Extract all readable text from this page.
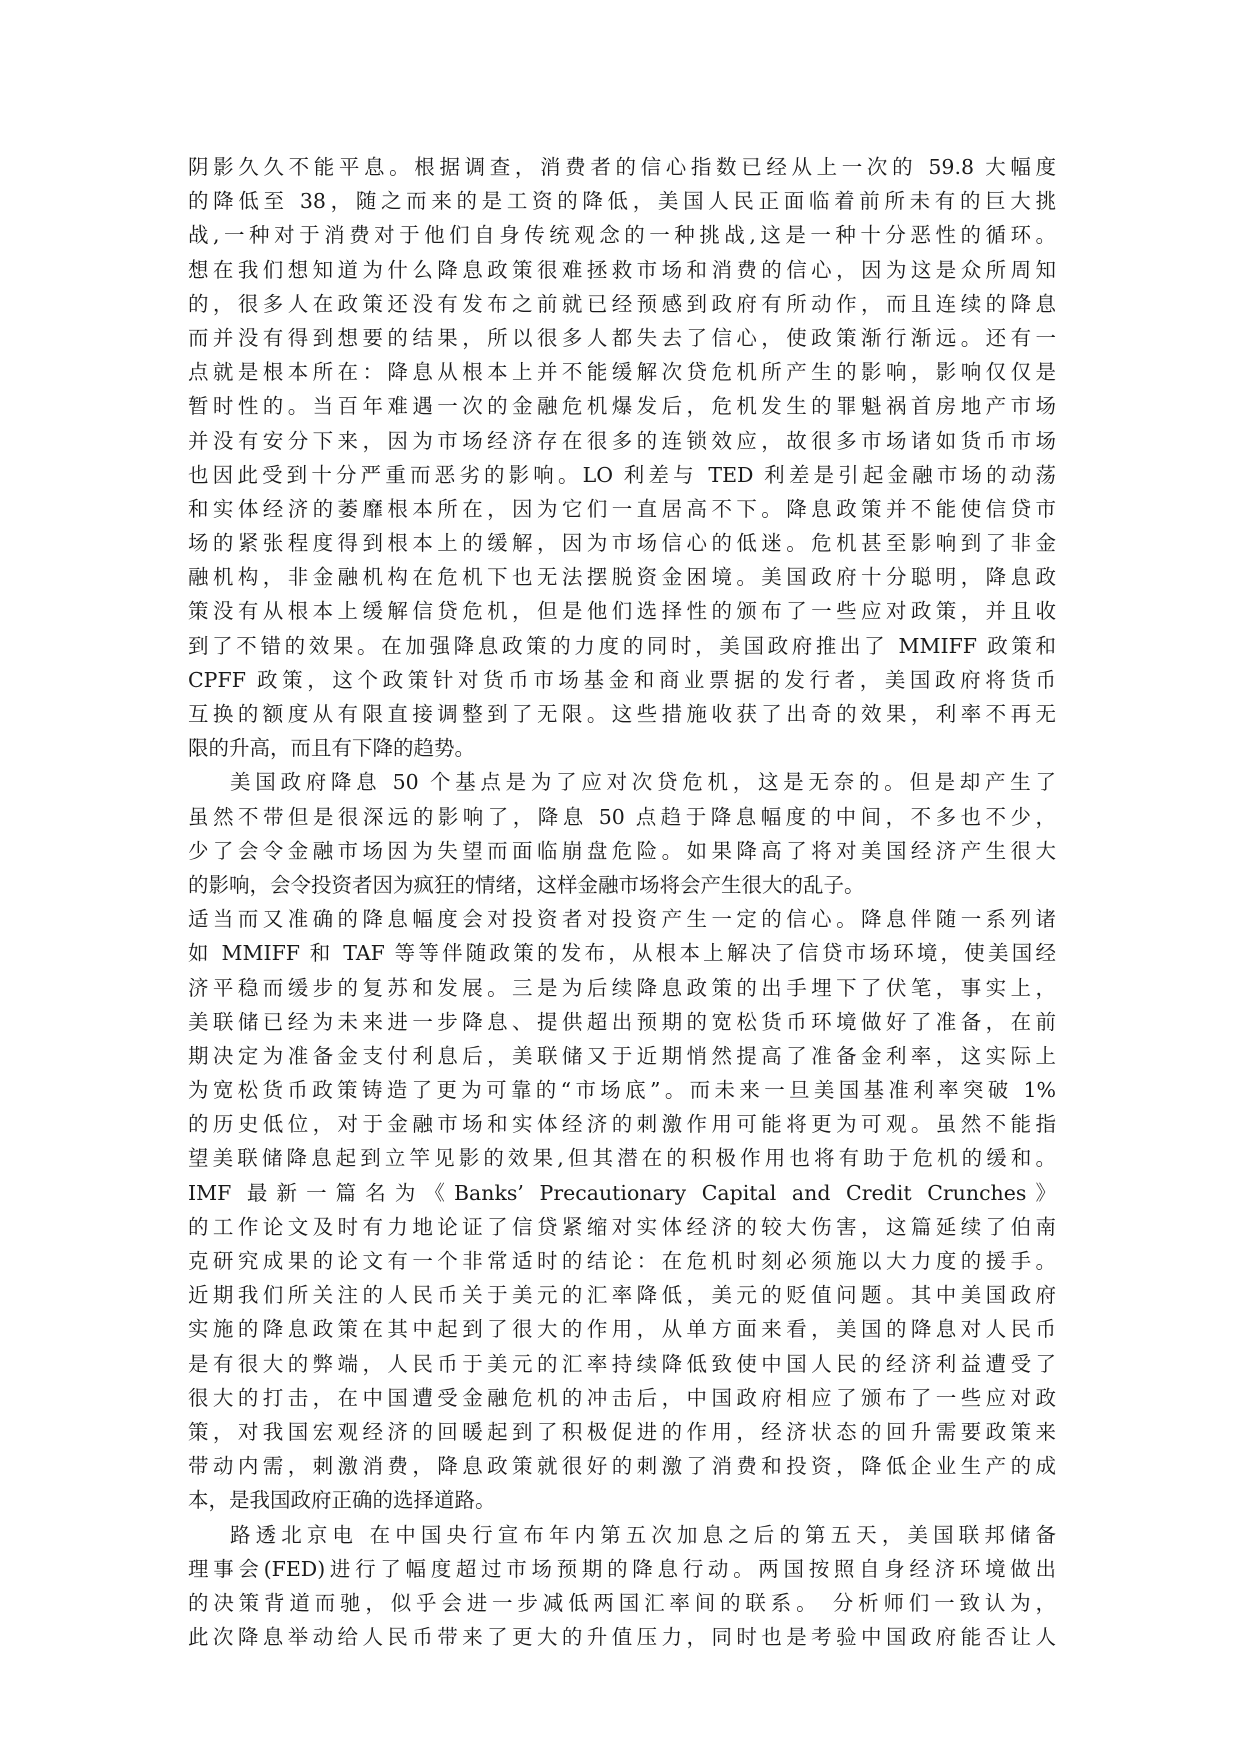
阴影久久不能平息。根据调查，消费者的信心指数已经从上一次的 59.8 大幅度
的降低至 38，随之而来的是工资的降低，美国人民正面临着前所未有的巨大挑
战,一种对于消费对于他们自身传统观念的一种挑战,这是一种十分恶性的循环。
想在我们想知道为什么降息政策很难拯救市场和消费的信心，因为这是众所周知
的，很多人在政策还没有发布之前就已经预感到政府有所动作，而且连续的降息
而并没有得到想要的结果，所以很多人都失去了信心，使政策渐行渐远。还有一
点就是根本所在：降息从根本上并不能缓解次贷危机所产生的影响，影响仅仅是
暂时性的。当百年难遇一次的金融危机爆发后，危机发生的罪魁祸首房地产市场
并没有安分下来，因为市场经济存在很多的连锁效应，故很多市场诸如货币市场
也因此受到十分严重而恶劣的影响。LO 利差与 TED 利差是引起金融市场的动荡
和实体经济的萎靡根本所在，因为它们一直居高不下。降息政策并不能使信贷市
场的紧张程度得到根本上的缓解，因为市场信心的低迷。危机甚至影响到了非金
融机构，非金融机构在危机下也无法摆脱资金困境。美国政府十分聪明，降息政
策没有从根本上缓解信贷危机，但是他们选择性的颁布了一些应对政策，并且收
到了不错的效果。在加强降息政策的力度的同时，美国政府推出了 MMIFF 政策和
CPFF 政策，这个政策针对货币市场基金和商业票据的发行者，美国政府将货币
互换的额度从有限直接调整到了无限。这些措施收获了出奇的效果，利率不再无
限的升高，而且有下降的趋势。
美国政府降息 50 个基点是为了应对次贷危机，这是无奈的。但是却产生了
虽然不带但是很深远的影响了，降息 50 点趋于降息幅度的中间，不多也不少，
少了会令金融市场因为失望而面临崩盘危险。如果降高了将对美国经济产生很大
的影响，会令投资者因为疯狂的情绪，这样金融市场将会产生很大的乱子。
适当而又准确的降息幅度会对投资者对投资产生一定的信心。降息伴随一系列诸
如 MMIFF 和 TAF 等等伴随政策的发布，从根本上解决了信贷市场环境，使美国经
济平稳而缓步的复苏和发展。三是为后续降息政策的出手埋下了伏笔，事实上，
美联储已经为未来进一步降息、提供超出预期的宽松货币环境做好了准备，在前
期决定为准备金支付利息后，美联储又于近期悄然提高了准备金利率，这实际上
为宽松货币政策铸造了更为可靠的“市场底”。而未来一旦美国基准利率突破 1%
的历史低位，对于金融市场和实体经济的刺激作用可能将更为可观。虽然不能指
望美联储降息起到立竿见影的效果,但其潜在的积极作用也将有助于危机的缓和。
IMF 最新一篇名为《Banks’ Precautionary Capital and Credit Crunches》
的工作论文及时有力地论证了信贷紧缩对实体经济的较大伤害，这篇延续了伯南
克研究成果的论文有一个非常适时的结论：在危机时刻必须施以大力度的援手。
近期我们所关注的人民币关于美元的汇率降低，美元的贬值问题。其中美国政府
实施的降息政策在其中起到了很大的作用，从单方面来看，美国的降息对人民币
是有很大的弊端，人民币于美元的汇率持续降低致使中国人民的经济利益遭受了
很大的打击，在中国遭受金融危机的冲击后，中国政府相应了颁布了一些应对政
策，对我国宏观经济的回暖起到了积极促进的作用，经济状态的回升需要政策来
带动内需，刺激消费，降息政策就很好的刺激了消费和投资，降低企业生产的成
本，是我国政府正确的选择道路。
路透北京电 在中国央行宣布年内第五次加息之后的第五天，美国联邦储备
理事会(FED)进行了幅度超过市场预期的降息行动。两国按照自身经济环境做出
的决策背道而驰，似乎会进一步减低两国汇率间的联系。 分析师们一致认为，
此次降息举动给人民币带来了更大的升值压力，同时也是考验中国政府能否让人
